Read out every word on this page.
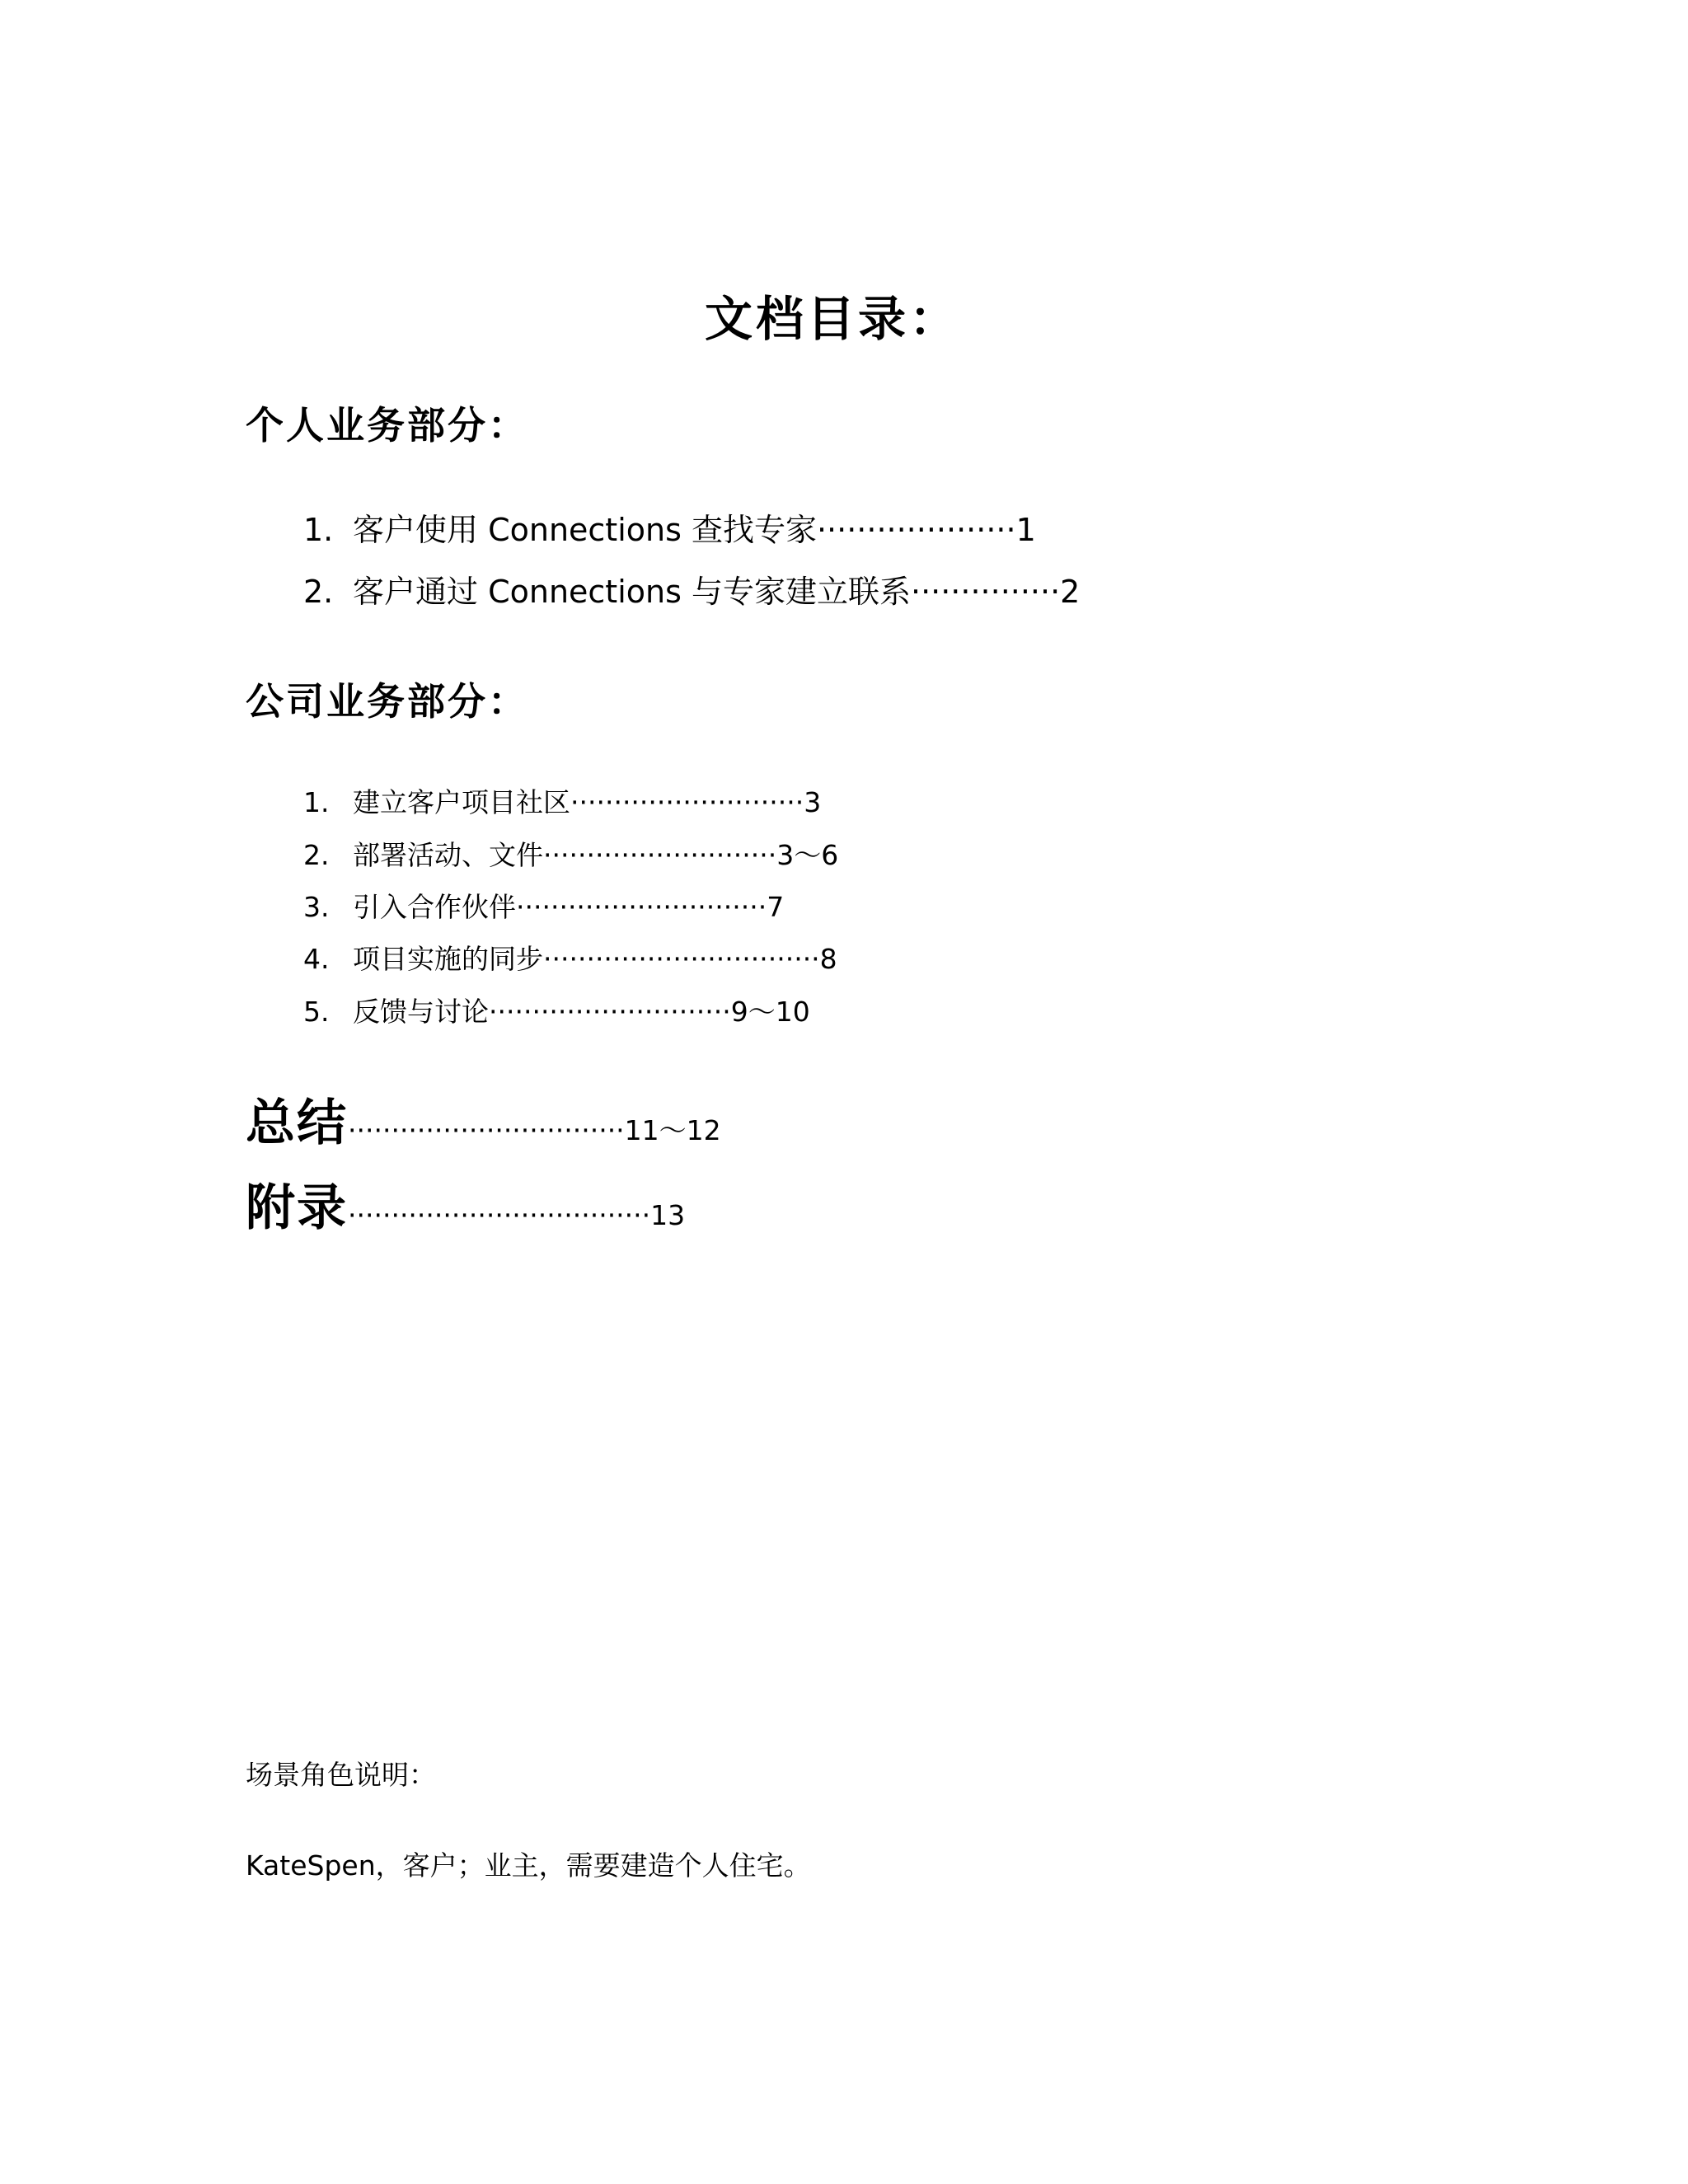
文档目录：
个人业务部分：
1. 客户使用 Connections 查找专家 ···················· 1
2. 客户通过 Connections 与专家建立联系 ··············· 2
公司业务部分：
1. 建立客户项目社区 ··························· 3
2. 部署活动、文件 ··························· 3～6
3. 引入合作伙伴 ····························· 7
4. 项目实施的同步 ································ 8
5. 反馈与讨论 ···························· 9～10
总结 ································ 11～12
附录 ··································· 13
场景角色说明：
KateSpen，客户；业主，需要建造个人住宅。
